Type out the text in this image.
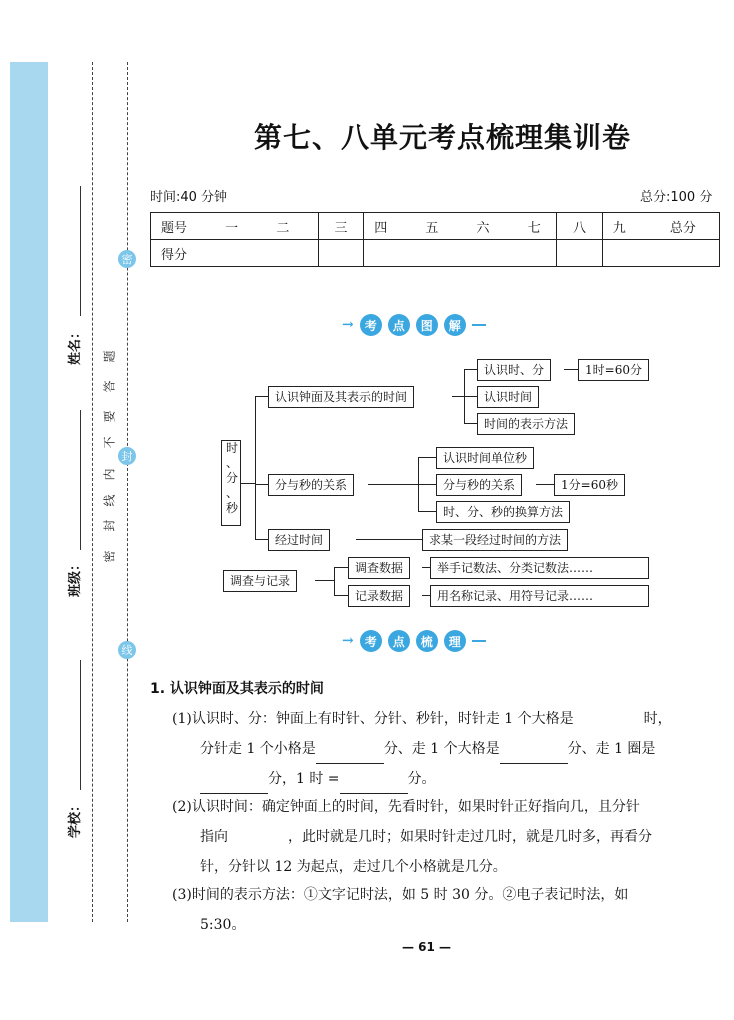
学校：
班级：
姓名：
密
封
线
密
封
线
内
不
要
答
题
第七、八单元考点梳理集训卷
时间:40 分钟	总分:100 分
题号 一 二	三	四 五 六 七	八	九 总分
得分				
→ 考	点	图	解
时
、
分
、
秒
认识钟面及其表示的时间
认识时、分	1时=60分
认识时间
时间的表示方法
分与秒的关系
认识时间单位秒
分与秒的关系	1分=60秒
时、分、秒的换算方法
经过时间	求某一段经过时间的方法
调查与记录
调查数据	举手记数法、分类记数法……
记录数据	用名称记录、用符号记录……
→ 考	点	梳	理
1. 认识钟面及其表示的时间
(1)认识时、分：钟面上有时针、分针、秒针，时针走 1 个大格是	时，
分针走 1 个小格是	分、走 1 个大格是	分、走 1 圈是
分，1 时 =	分。
(2)认识时间：确定钟面上的时间，先看时针，如果时针正好指向几，且分针
指向	，此时就是几时；如果时针走过几时，就是几时多，再看分
针，分针以 12 为起点，走过几个小格就是几分。
(3)时间的表示方法：①文字记时法，如 5 时 30 分。②电子表记时法，如
5:30。
— 61 —
